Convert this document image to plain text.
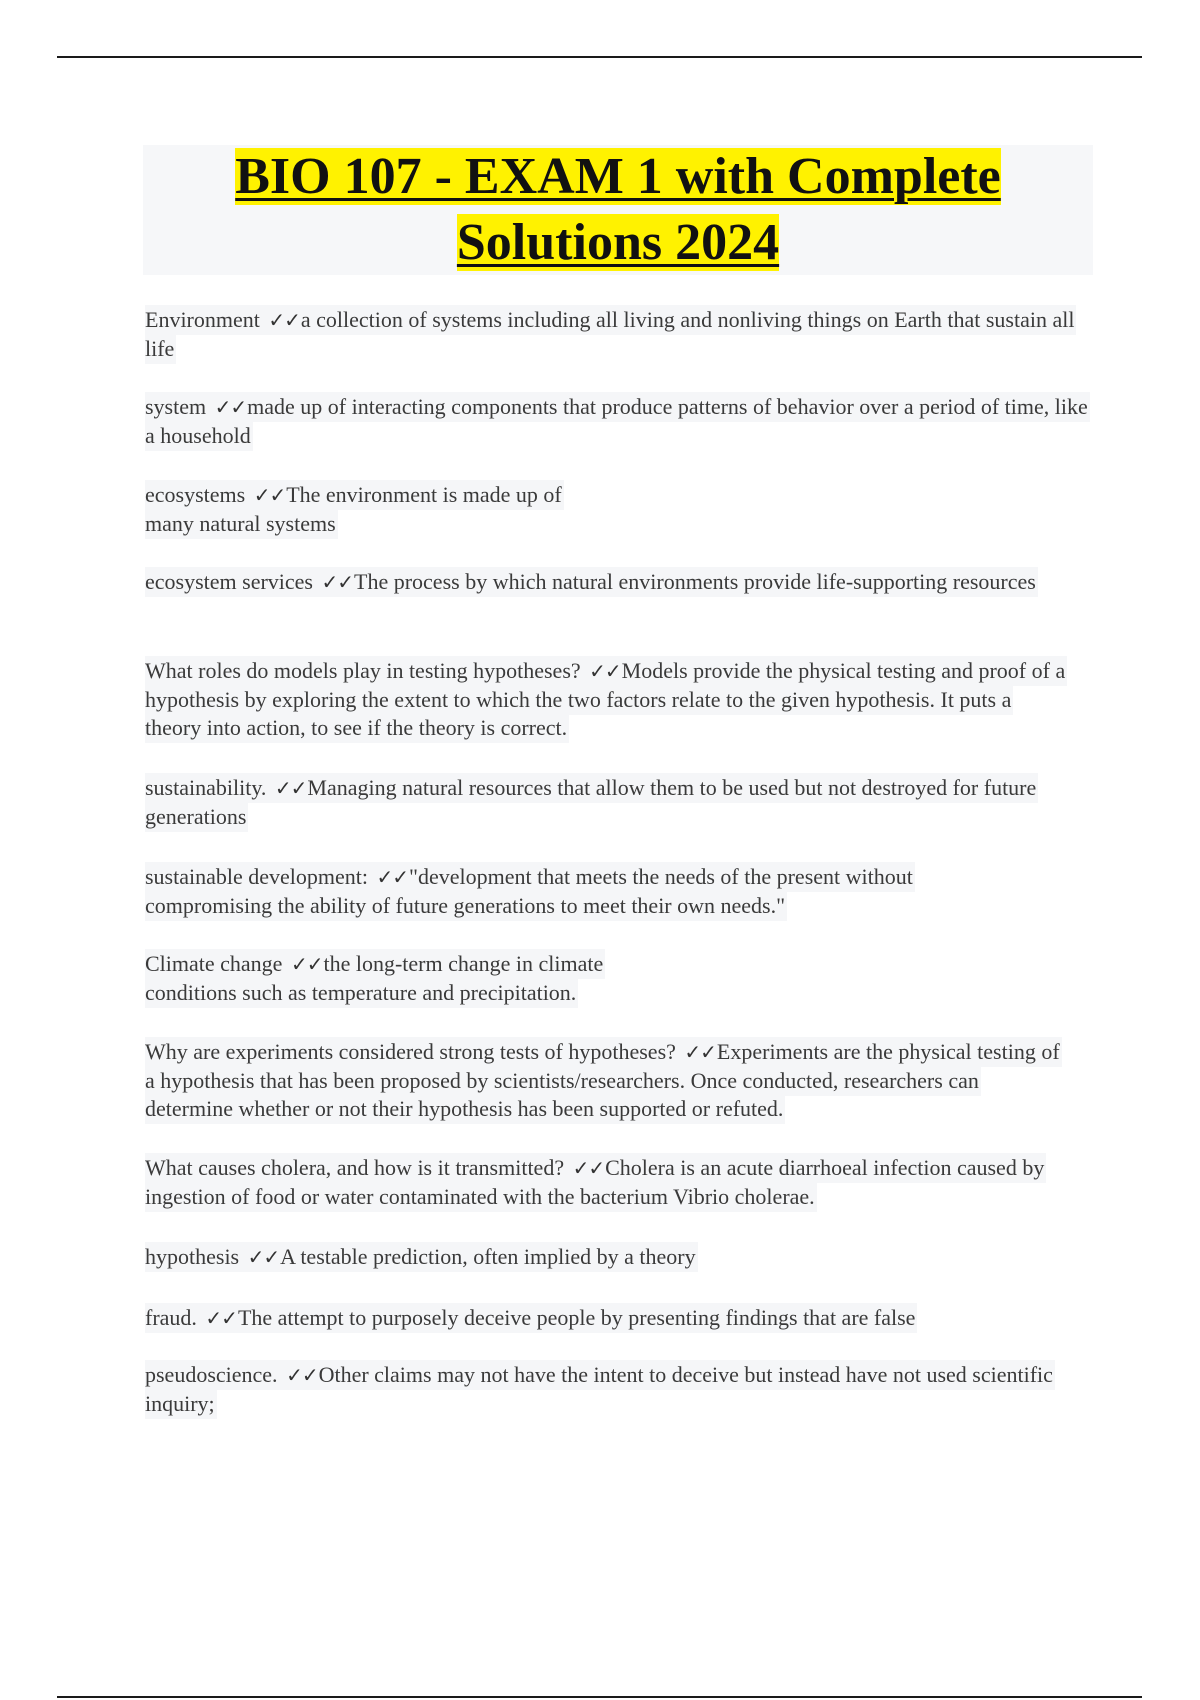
BIO 107 - EXAM 1 with Complete
Solutions 2024
Environment ✓✓a collection of systems including all living and nonliving things on Earth that sustain all life
system ✓✓made up of interacting components that produce patterns of behavior over a period of time, like a household
ecosystems ✓✓The environment is made up of
many natural systems
ecosystem services ✓✓The process by which natural environments provide life-supporting resources
What roles do models play in testing hypotheses? ✓✓Models provide the physical testing and proof of a hypothesis by exploring the extent to which the two factors relate to the given hypothesis. It puts a theory into action, to see if the theory is correct.
sustainability. ✓✓Managing natural resources that allow them to be used but not destroyed for future generations
sustainable development: ✓✓"development that meets the needs of the present without compromising the ability of future generations to meet their own needs."
Climate change ✓✓the long-term change in climate
conditions such as temperature and precipitation.
Why are experiments considered strong tests of hypotheses? ✓✓Experiments are the physical testing of a hypothesis that has been proposed by scientists/researchers. Once conducted, researchers can determine whether or not their hypothesis has been supported or refuted.
What causes cholera, and how is it transmitted? ✓✓Cholera is an acute diarrhoeal infection caused by ingestion of food or water contaminated with the bacterium Vibrio cholerae.
hypothesis ✓✓A testable prediction, often implied by a theory
fraud. ✓✓The attempt to purposely deceive people by presenting findings that are false
pseudoscience. ✓✓Other claims may not have the intent to deceive but instead have not used scientific inquiry;
